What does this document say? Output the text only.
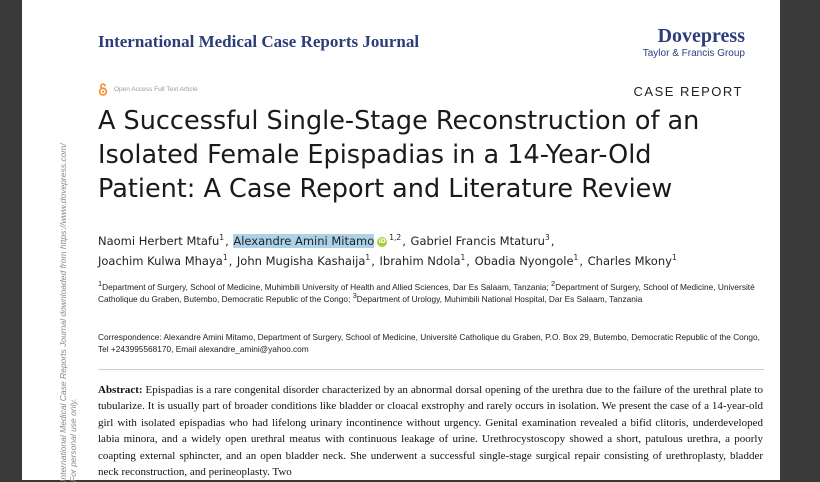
International Medical Case Reports Journal downloaded from https://www.dovepress.com/ For personal use only.
International Medical Case Reports Journal	Dovepress
Taylor & Francis Group
Open Access Full Text Article	CASE REPORT
A Successful Single-Stage Reconstruction of an
Isolated Female Epispadias in a 14-Year-Old
Patient: A Case Report and Literature Review
Naomi Herbert Mtafu$^1$, Alexandre Amini Mitamo iD $^{1,2}$, Gabriel Francis Mtaturu$^3$,
Joachim Kulwa Mhaya$^1$, John Mugisha Kashaija$^1$, Ibrahim Ndola$^1$, Obadia Nyongole$^1$, Charles Mkony$^1$
$^1$Department of Surgery, School of Medicine, Muhimbili University of Health and Allied Sciences, Dar Es Salaam, Tanzania; $^2$Department of Surgery, School of Medicine, Université Catholique du Graben, Butembo, Democratic Republic of the Congo; $^3$Department of Urology, Muhimbili National Hospital, Dar Es Salaam, Tanzania
Correspondence: Alexandre Amini Mitamo, Department of Surgery, School of Medicine, Université Catholique du Graben, P.O. Box 29, Butembo, Democratic Republic of the Congo, Tel +243995568170, Email alexandre_amini@yahoo.com

Abstract: Epispadias is a rare congenital disorder characterized by an abnormal dorsal opening of the urethra due to the failure of the urethral plate to tubularize. It is usually part of broader conditions like bladder or cloacal exstrophy and rarely occurs in isolation. We present the case of a 14-year-old girl with isolated epispadias who had lifelong urinary incontinence without urgency. Genital examination revealed a bifid clitoris, underdeveloped labia minora, and a widely open urethral meatus with continuous leakage of urine. Urethrocystoscopy showed a short, patulous urethra, a poorly coapting external sphincter, and an open bladder neck. She underwent a successful single-stage surgical repair consisting of urethroplasty, bladder neck reconstruction, and perineoplasty. Two
